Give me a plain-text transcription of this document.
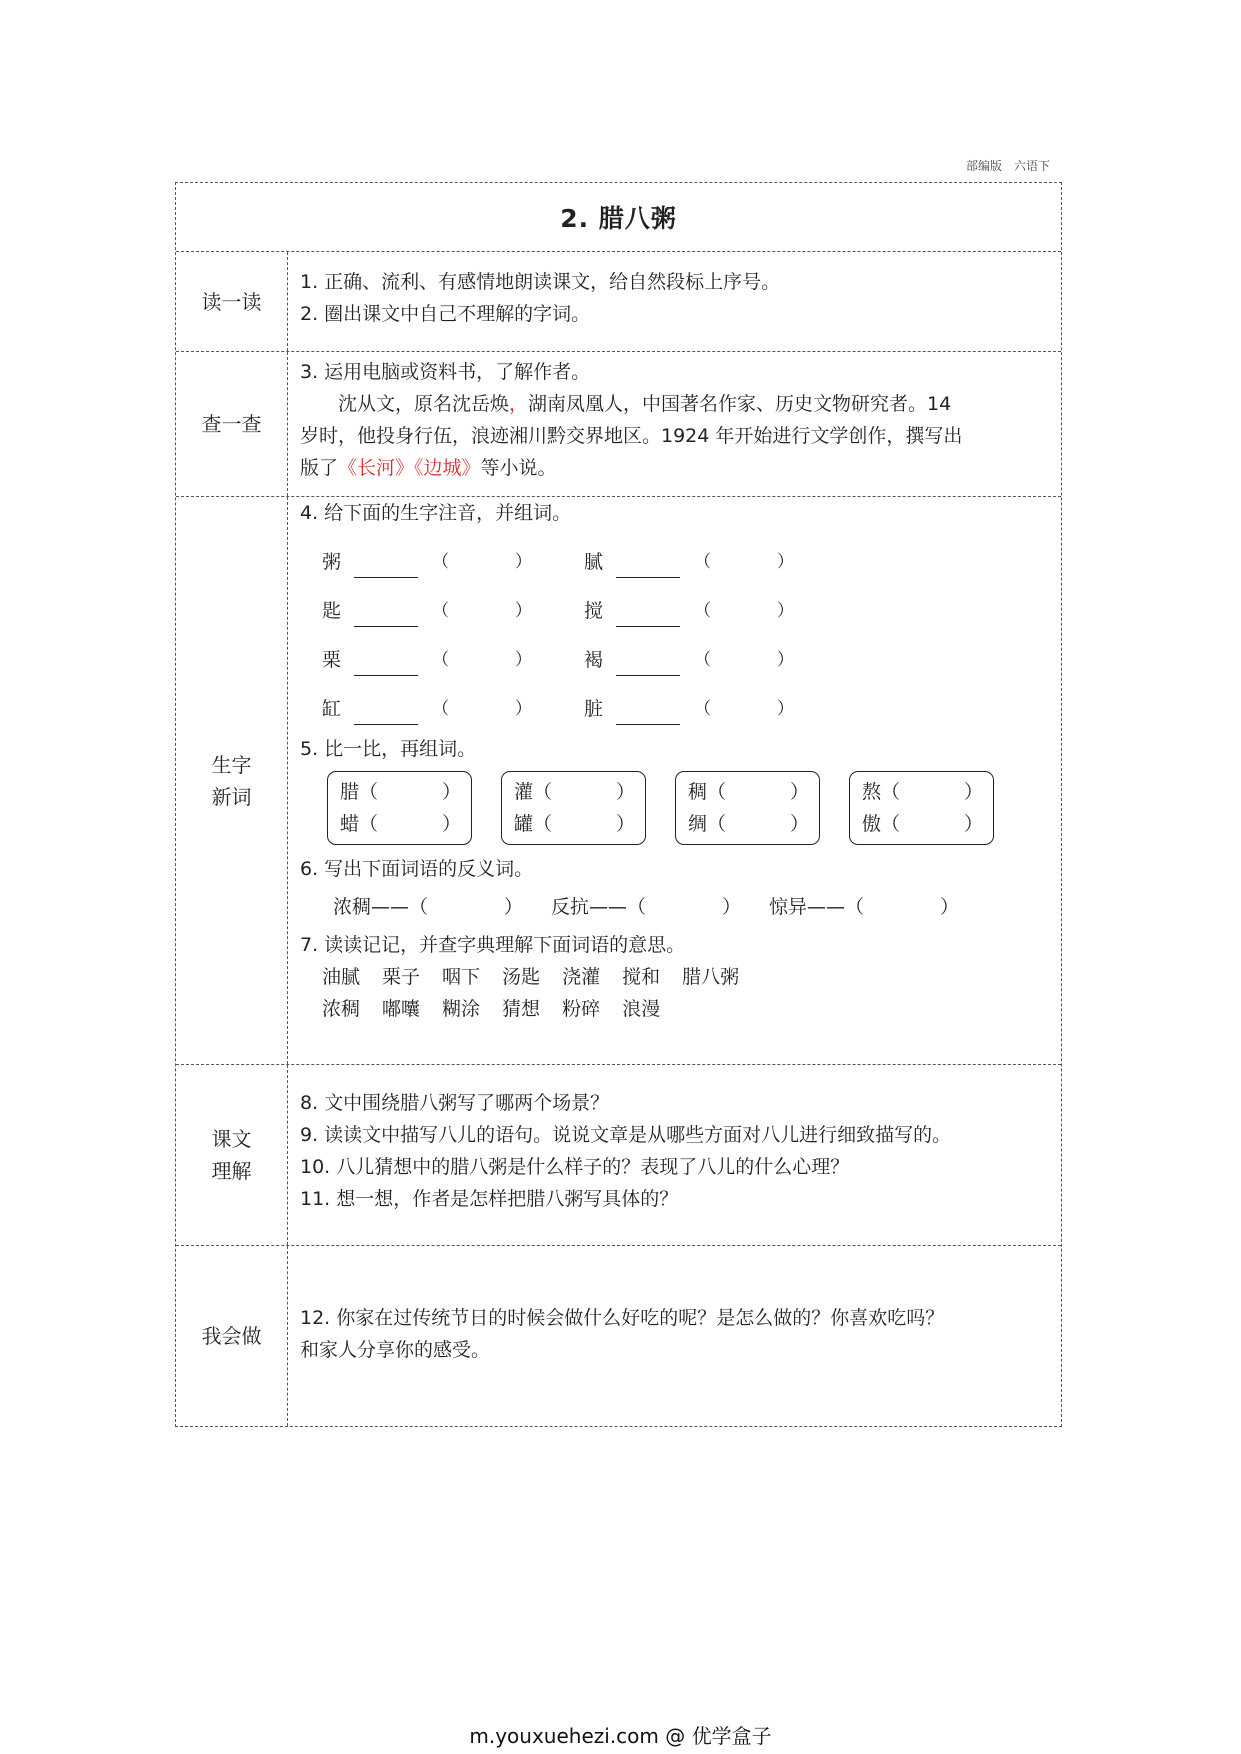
部编版　六语下
2. 腊八粥
读一读
1. 正确、流利、有感情地朗读课文，给自然段标上序号。
2. 圈出课文中自己不理解的字词。
查一查
3. 运用电脑或资料书，了解作者。
沈从文，原名沈岳焕，湖南凤凰人，中国著名作家、历史文物研究者。14
岁时，他投身行伍，浪迹湘川黔交界地区。1924 年开始进行文学创作，撰写出
版了《长河》《边城》等小说。
生字
新词
4. 给下面的生字注音，并组词。
粥	（	）	腻	（	）
匙	（	）	搅	（	）
栗	（	）	褐	（	）
缸	（	）	脏	（	）
5. 比一比，再组词。
腊（	）
蜡（	）
灌（	）
罐（	）
稠（	）
绸（	）
熬（	）
傲（	）
6. 写出下面词语的反义词。
浓稠——（　　　　）	反抗——（　　　　）	惊异——（　　　　）
7. 读读记记，并查字典理解下面词语的意思。
油腻 栗子 咽下 汤匙 浇灌 搅和 腊八粥
浓稠 嘟囔 糊涂 猜想 粉碎 浪漫
课文
理解
8. 文中围绕腊八粥写了哪两个场景？
9. 读读文中描写八儿的语句。说说文章是从哪些方面对八儿进行细致描写的。
10. 八儿猜想中的腊八粥是什么样子的？表现了八儿的什么心理？
11. 想一想，作者是怎样把腊八粥写具体的？
我会做
12. 你家在过传统节日的时候会做什么好吃的呢？是怎么做的？你喜欢吃吗？
和家人分享你的感受。
m.youxuehezi.com @ 优学盒子
